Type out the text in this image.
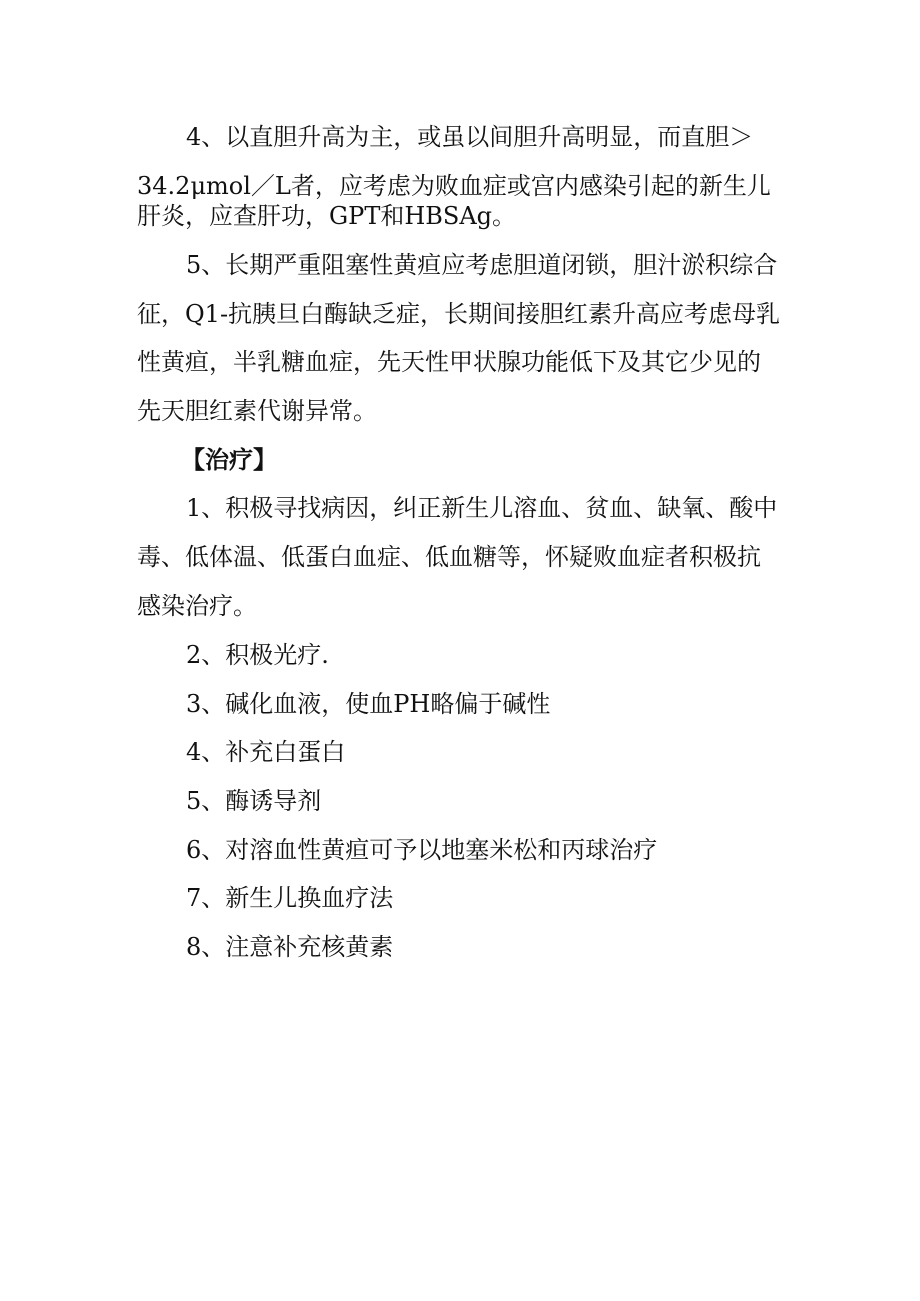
4、以直胆升高为主，或虽以间胆升高明显，而直胆＞
34.2μmol／L者，应考虑为败血症或宫内感染引起的新生儿
肝炎，应查肝功，GPT和HBSAg。
5、长期严重阻塞性黄疸应考虑胆道闭锁，胆汁淤积综合
征，Q1-抗胰旦白酶缺乏症，长期间接胆红素升高应考虑母乳
性黄疸，半乳糖血症，先天性甲状腺功能低下及其它少见的
先天胆红素代谢异常。
【治疗】
1、积极寻找病因，纠正新生儿溶血、贫血、缺氧、酸中
毒、低体温、低蛋白血症、低血糖等，怀疑败血症者积极抗
感染治疗。
2、积极光疗.
3、碱化血液，使血PH略偏于碱性
4、补充白蛋白
5、酶诱导剂
6、对溶血性黄疸可予以地塞米松和丙球治疗
7、新生儿换血疗法
8、注意补充核黄素
